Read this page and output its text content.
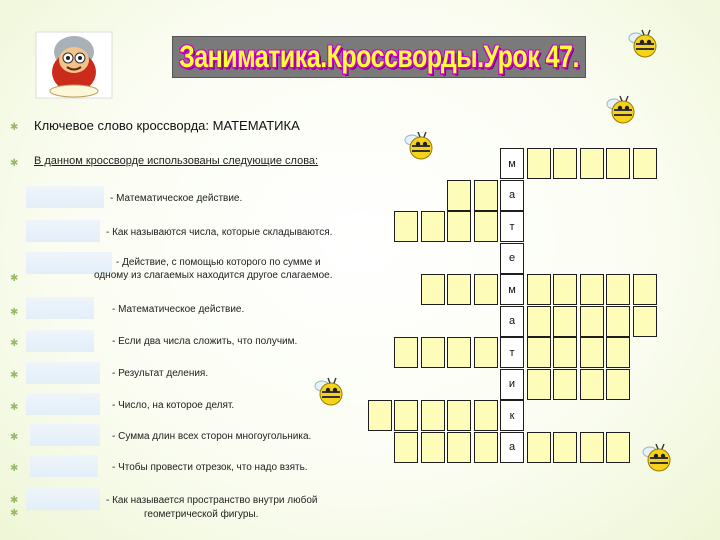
Заниматика.Кроссворды.Урок 47.
✱
✱
✱
✱
✱
✱
✱
✱
✱
✱
✱
Ключевое слово кроссворда: МАТЕМАТИКА
В данном кроссворде использованы следующие слова:
- Математическое действие.
- Как называются числа, которые складываются.
- Действие, с помощью которого по сумме и
одному из слагаемых находится другое слагаемое.
- Математическое действие.
- Если два числа сложить, что получим.
- Результат деления.
- Число, на которое делят.
- Сумма длин всех сторон многоугольника.
- Чтобы провести отрезок, что надо взять.
- Как называется пространство внутри любой
геометрической фигуры.
м
а
т
е
м
а
т
и
к
а
